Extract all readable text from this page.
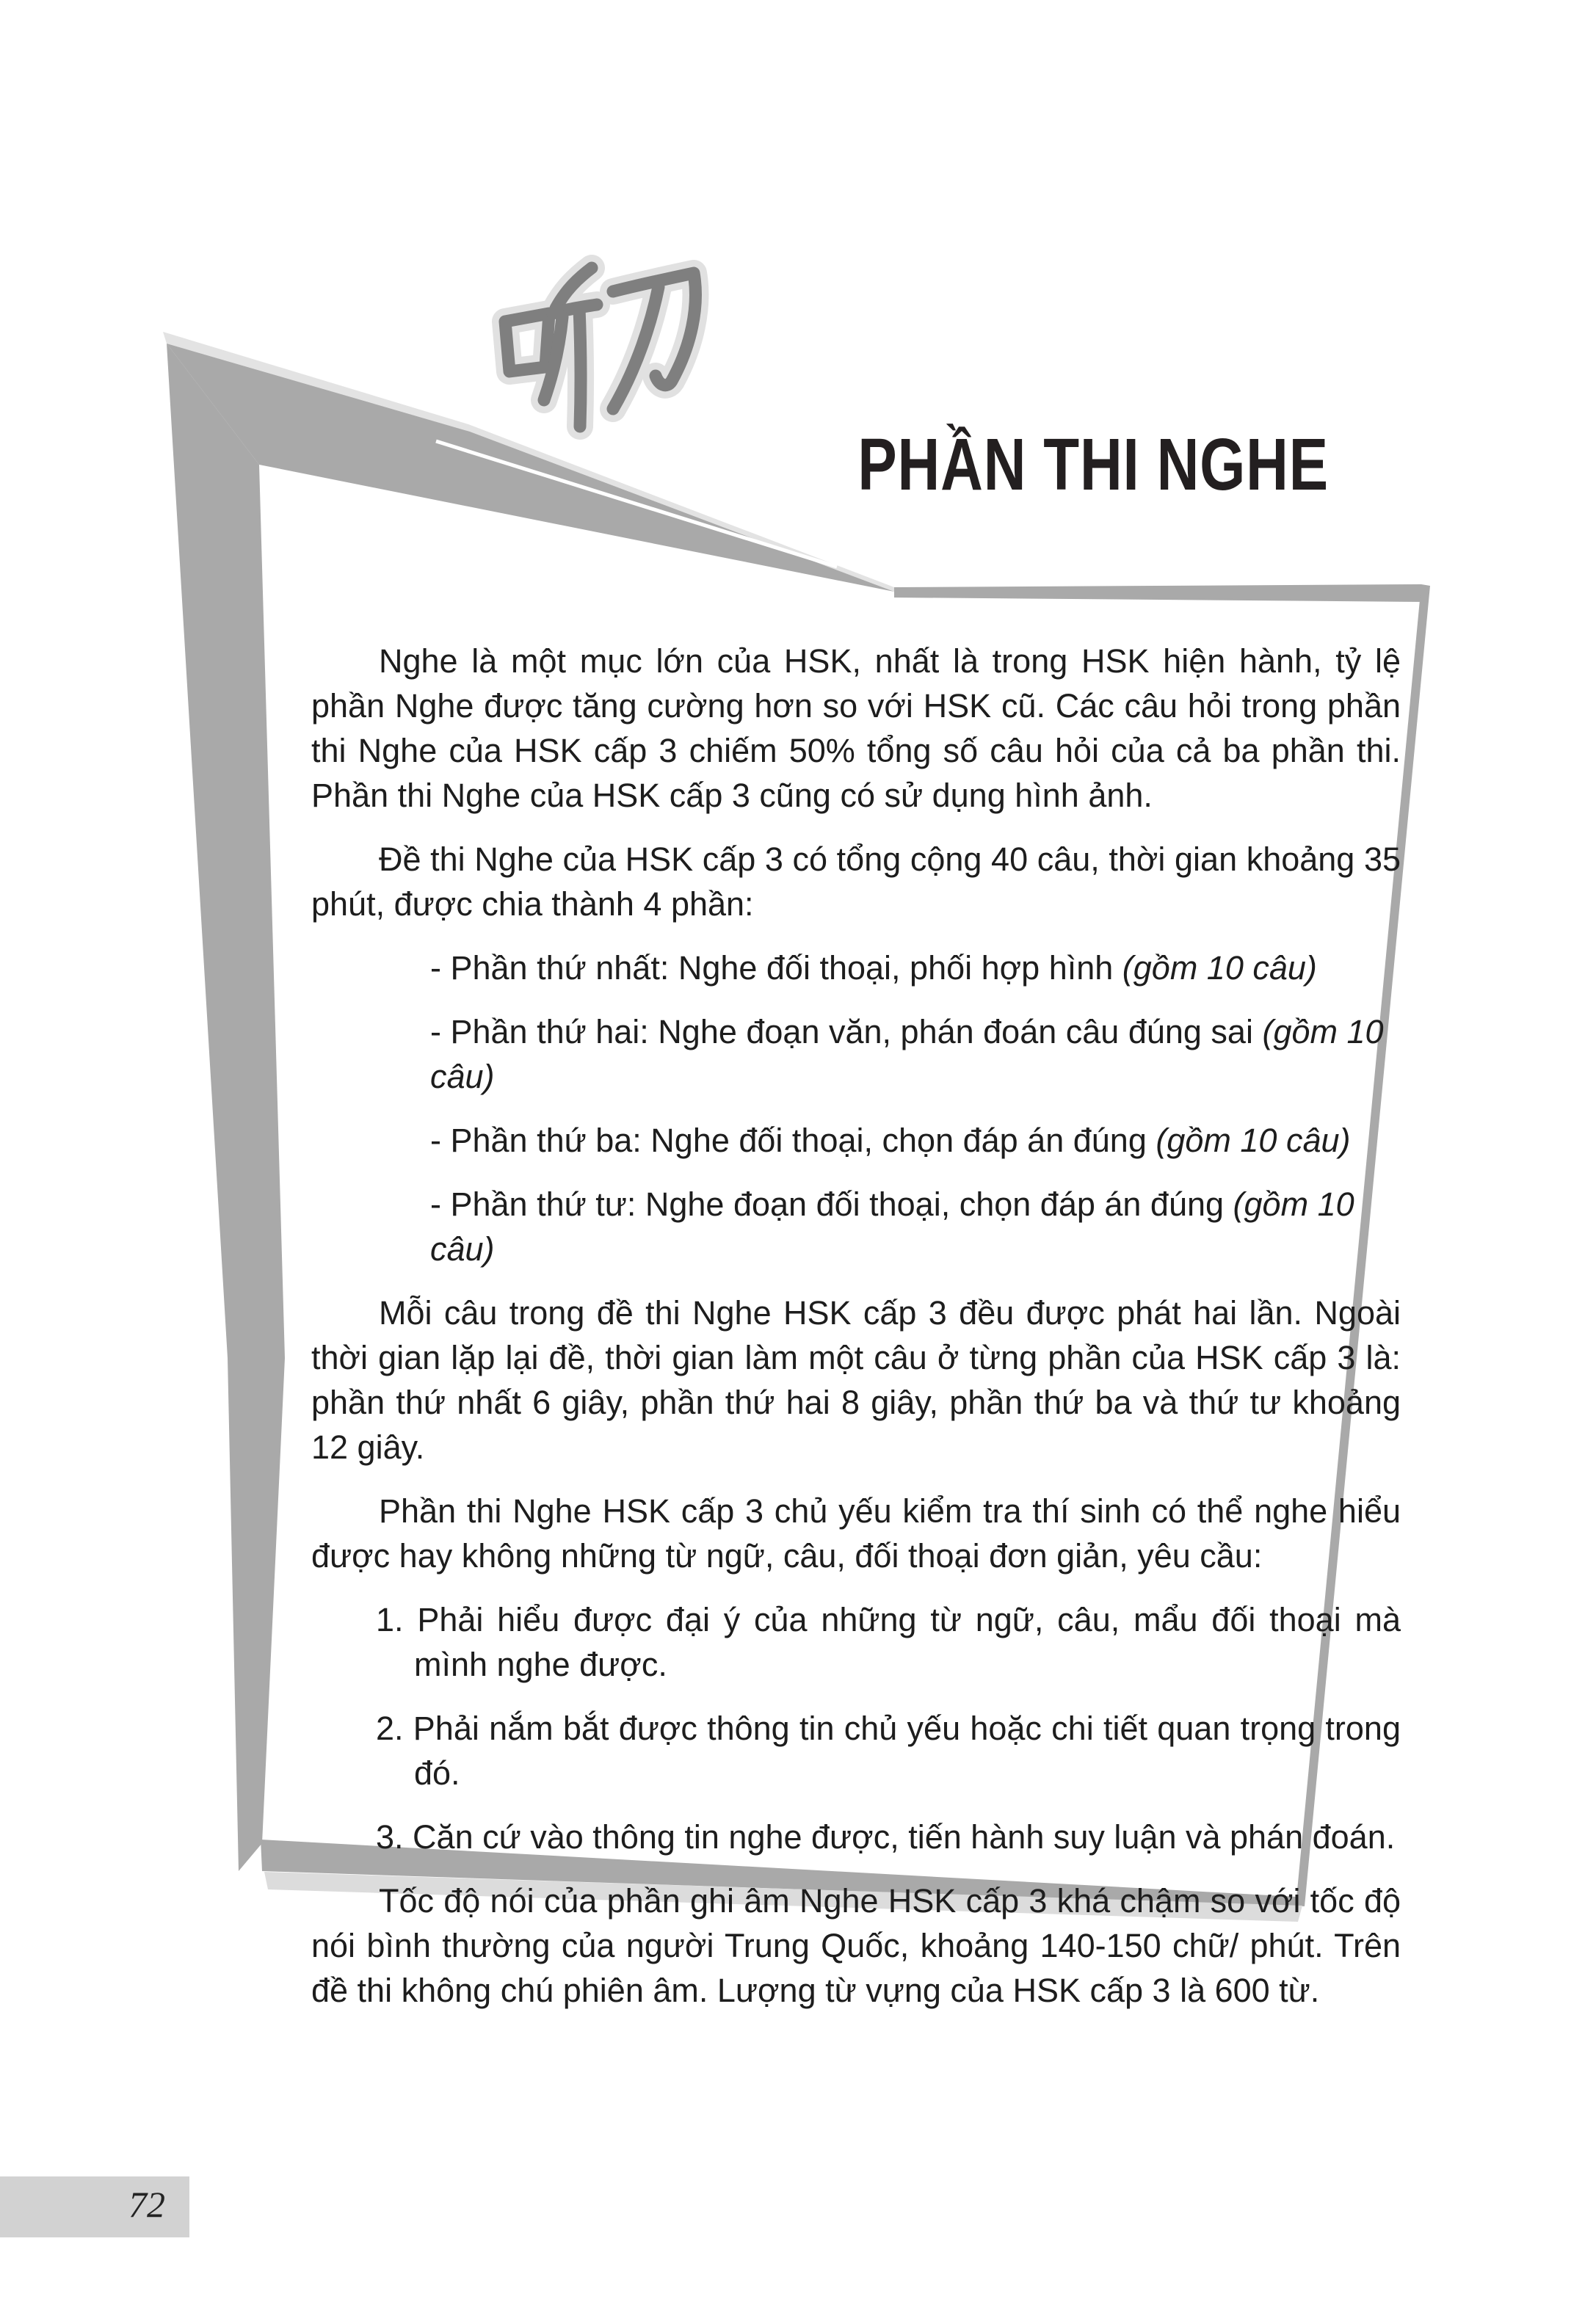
PHẦN THI NGHE

Nghe là một mục lớn của HSK, nhất là trong HSK hiện hành, tỷ lệ phần Nghe được tăng cường hơn so với HSK cũ. Các câu hỏi trong phần thi Nghe của HSK cấp 3 chiếm 50% tổng số câu hỏi của cả ba phần thi. Phần thi Nghe của HSK cấp 3 cũng có sử dụng hình ảnh.

Đề thi Nghe của HSK cấp 3 có tổng cộng 40 câu, thời gian khoảng 35 phút, được chia thành 4 phần:

- Phần thứ nhất: Nghe đối thoại, phối hợp hình (gồm 10 câu)

- Phần thứ hai: Nghe đoạn văn, phán đoán câu đúng sai (gồm 10 câu)

- Phần thứ ba: Nghe đối thoại, chọn đáp án đúng (gồm 10 câu)

- Phần thứ tư: Nghe đoạn đối thoại, chọn đáp án đúng (gồm 10 câu)

Mỗi câu trong đề thi Nghe HSK cấp 3 đều được phát hai lần. Ngoài thời gian lặp lại đề, thời gian làm một câu ở từng phần của HSK cấp 3 là: phần thứ nhất 6 giây, phần thứ hai 8 giây, phần thứ ba và thứ tư khoảng 12 giây.

Phần thi Nghe HSK cấp 3 chủ yếu kiểm tra thí sinh có thể nghe hiểu được hay không những từ ngữ, câu, đối thoại đơn giản, yêu cầu:

1. Phải hiểu được đại ý của những từ ngữ, câu, mẩu đối thoại mà mình nghe được.

2. Phải nắm bắt được thông tin chủ yếu hoặc chi tiết quan trọng trong đó.

3. Căn cứ vào thông tin nghe được, tiến hành suy luận và phán đoán.

Tốc độ nói của phần ghi âm Nghe HSK cấp 3 khá chậm so với tốc độ nói bình thường của người Trung Quốc, khoảng 140-150 chữ/ phút. Trên đề thi không chú phiên âm. Lượng từ vựng của HSK cấp 3 là 600 từ.

72
